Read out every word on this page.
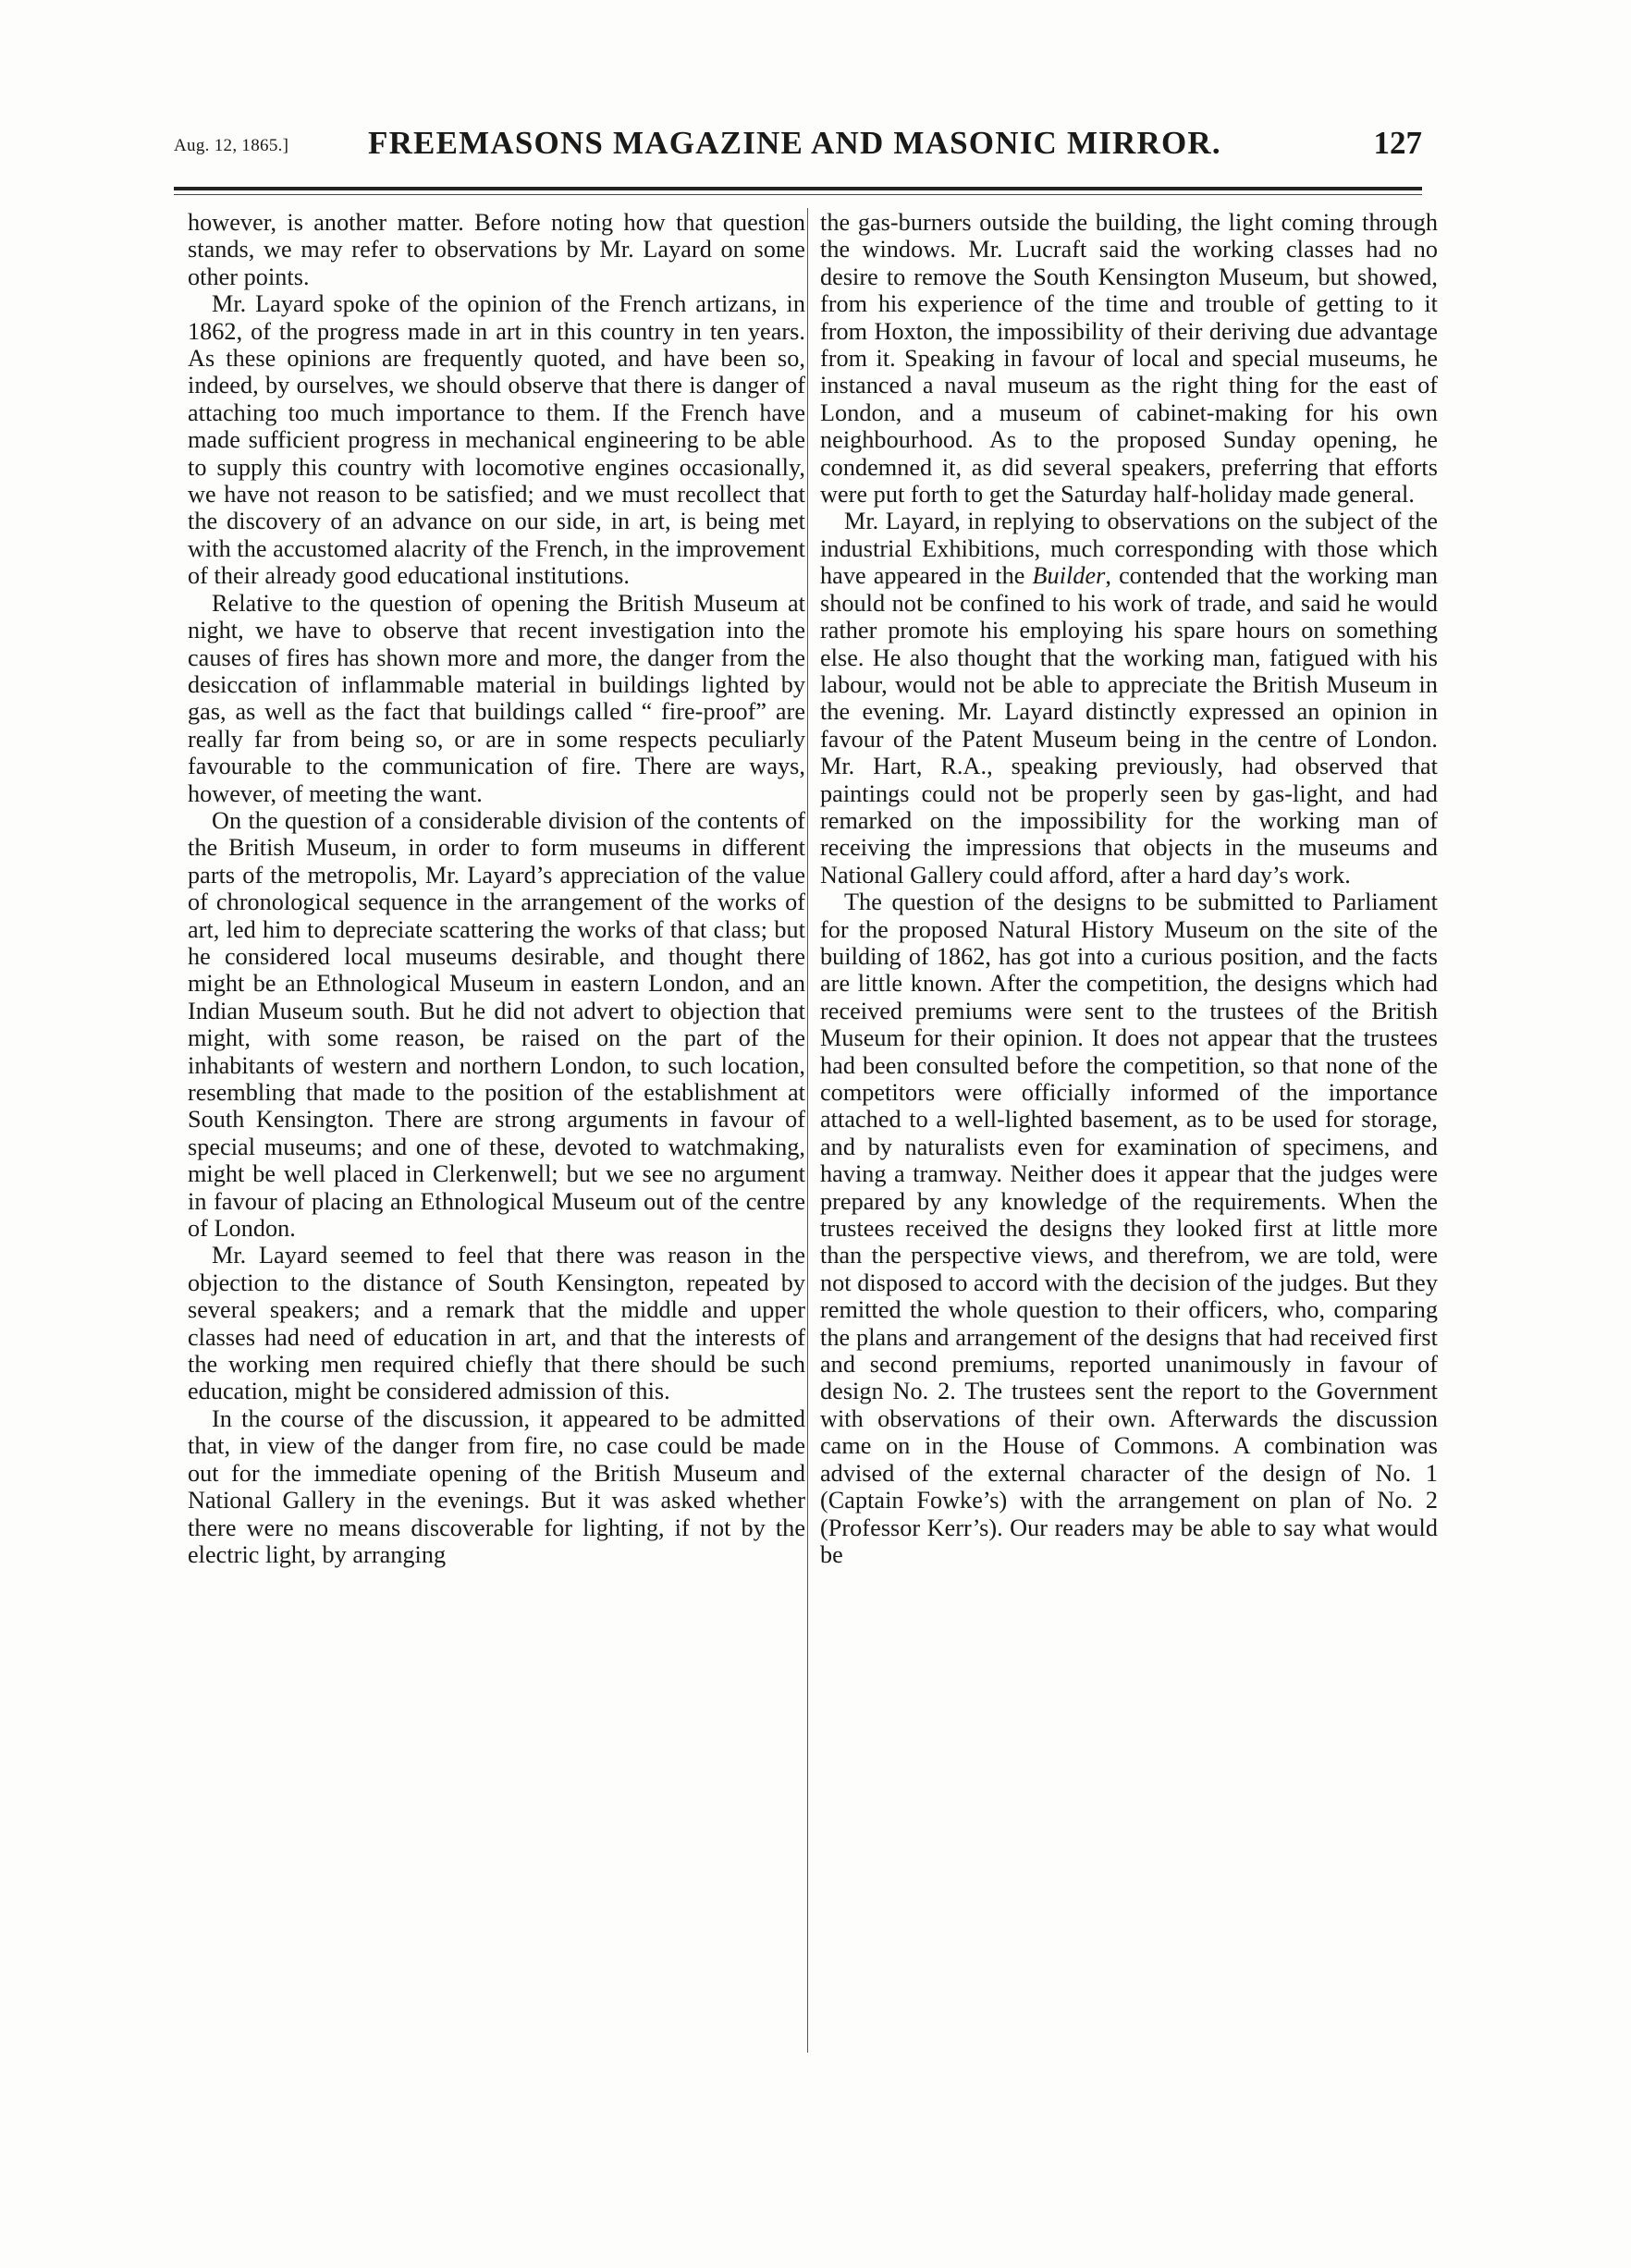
Aug. 12, 1865.] FREEMASONS MAGAZINE AND MASONIC MIRROR.	127

however, is another matter. Before noting how that question stands, we may refer to observations by Mr. Layard on some other points.

Mr. Layard spoke of the opinion of the French artizans, in 1862, of the progress made in art in this country in ten years. As these opinions are frequently quoted, and have been so, indeed, by ourselves, we should observe that there is danger of attaching too much importance to them. If the French have made sufficient progress in mechanical engineering to be able to supply this country with locomotive engines occasionally, we have not reason to be satisfied; and we must recollect that the discovery of an advance on our side, in art, is being met with the accustomed alacrity of the French, in the improvement of their already good educational institutions.

Relative to the question of opening the British Museum at night, we have to observe that recent investigation into the causes of fires has shown more and more, the danger from the desiccation of inflammable material in buildings lighted by gas, as well as the fact that buildings called “ fire-proof” are really far from being so, or are in some respects peculiarly favourable to the communication of fire. There are ways, however, of meeting the want.

On the question of a considerable division of the contents of the British Museum, in order to form museums in different parts of the metropolis, Mr. Layard’s appreciation of the value of chronological sequence in the arrangement of the works of art, led him to depreciate scattering the works of that class; but he considered local museums desirable, and thought there might be an Ethnological Museum in eastern London, and an Indian Museum south. But he did not advert to objection that might, with some reason, be raised on the part of the inhabitants of western and northern London, to such location, resembling that made to the position of the establishment at South Kensington. There are strong arguments in favour of special museums; and one of these, devoted to watchmaking, might be well placed in Clerkenwell; but we see no argument in favour of placing an Ethnological Museum out of the centre of London.

Mr. Layard seemed to feel that there was reason in the objection to the distance of South Kensington, repeated by several speakers; and a remark that the middle and upper classes had need of education in art, and that the interests of the working men required chiefly that there should be such education, might be considered admission of this.

In the course of the discussion, it appeared to be admitted that, in view of the danger from fire, no case could be made out for the immediate opening of the British Museum and National Gallery in the evenings. But it was asked whether there were no means discoverable for lighting, if not by the electric light, by arranging

the gas-burners outside the building, the light coming through the windows. Mr. Lucraft said the working classes had no desire to remove the South Kensington Museum, but showed, from his experience of the time and trouble of getting to it from Hoxton, the impossibility of their deriving due advantage from it. Speaking in favour of local and special museums, he instanced a naval museum as the right thing for the east of London, and a museum of cabinet-making for his own neighbourhood. As to the proposed Sunday opening, he condemned it, as did several speakers, preferring that efforts were put forth to get the Saturday half-holiday made general.

Mr. Layard, in replying to observations on the subject of the industrial Exhibitions, much corresponding with those which have appeared in the Builder, contended that the working man should not be confined to his work of trade, and said he would rather promote his employing his spare hours on something else. He also thought that the working man, fatigued with his labour, would not be able to appreciate the British Museum in the evening. Mr. Layard distinctly expressed an opinion in favour of the Patent Museum being in the centre of London. Mr. Hart, R.A., speaking previously, had observed that paintings could not be properly seen by gas-light, and had remarked on the impossibility for the working man of receiving the impressions that objects in the museums and National Gallery could afford, after a hard day’s work.

The question of the designs to be submitted to Parliament for the proposed Natural History Museum on the site of the building of 1862, has got into a curious position, and the facts are little known. After the competition, the designs which had received premiums were sent to the trustees of the British Museum for their opinion. It does not appear that the trustees had been consulted before the competition, so that none of the competitors were officially informed of the importance attached to a well-lighted basement, as to be used for storage, and by naturalists even for examination of specimens, and having a tramway. Neither does it appear that the judges were prepared by any knowledge of the requirements. When the trustees received the designs they looked first at little more than the perspective views, and therefrom, we are told, were not disposed to accord with the decision of the judges. But they remitted the whole question to their officers, who, comparing the plans and arrangement of the designs that had received first and second premiums, reported unanimously in favour of design No. 2. The trustees sent the report to the Government with observations of their own. Afterwards the discussion came on in the House of Commons. A combination was advised of the external character of the design of No. 1 (Captain Fowke’s) with the arrangement on plan of No. 2 (Professor Kerr’s). Our readers may be able to say what would be
